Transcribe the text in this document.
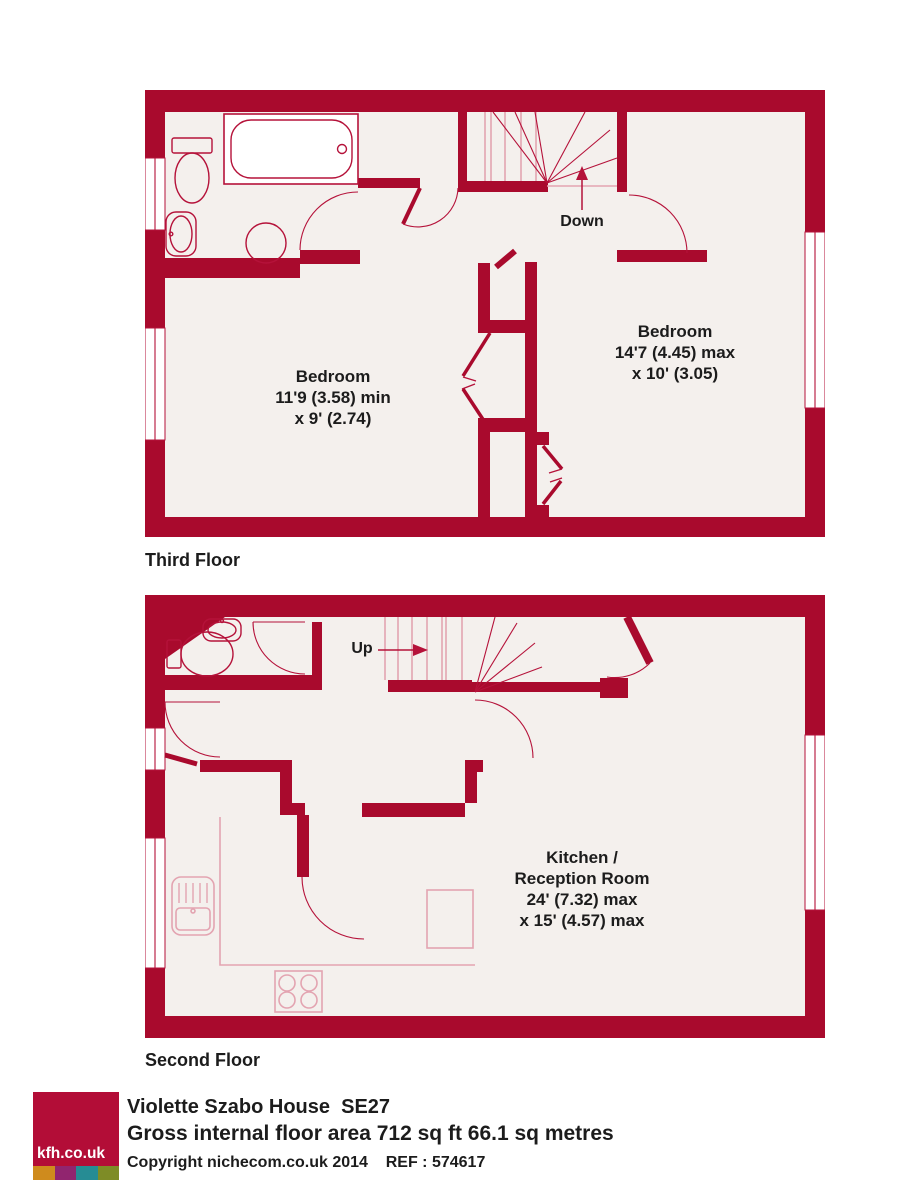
Down
Up
Bedroom
11'9 (3.58) min
x 9' (2.74)
Bedroom
14'7 (4.45) max
x 10' (3.05)
Kitchen /
Reception Room
24' (7.32) max
x 15' (4.57) max
Third Floor
Second Floor
kfh.co.uk
Violette Szabo House  SE27
Gross internal floor area 712 sq ft 66.1 sq metres
Copyright nichecom.co.uk 2014    REF : 574617
